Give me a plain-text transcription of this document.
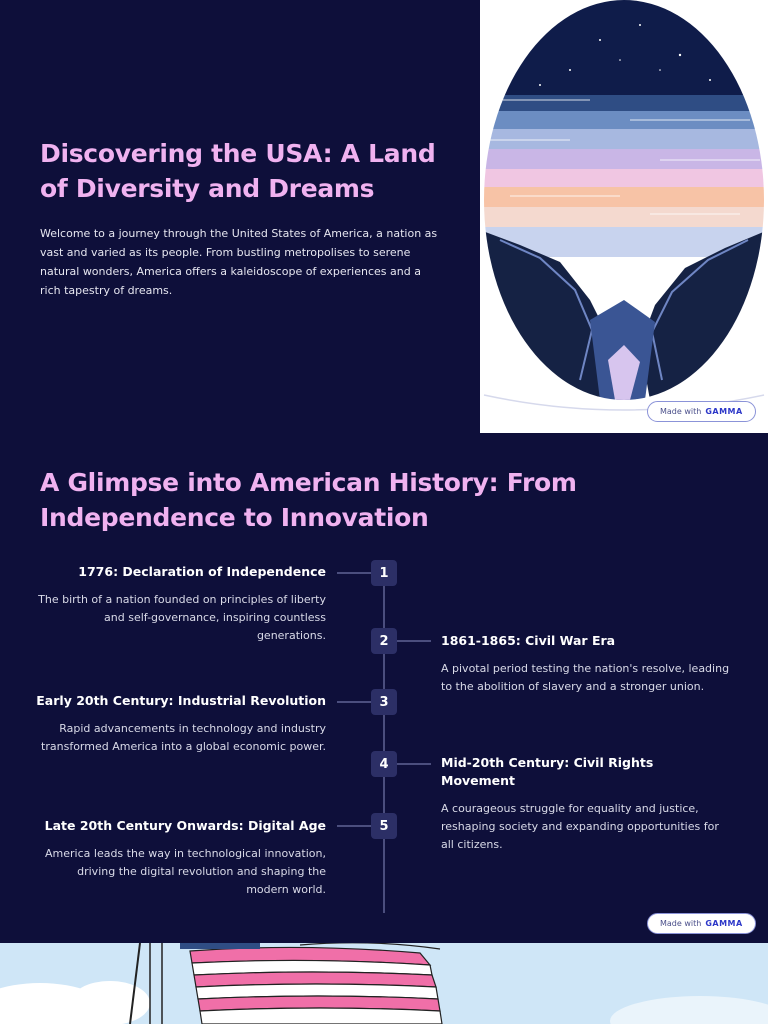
Discovering the USA: A Land of Diversity and Dreams

Welcome to a journey through the United States of America, a nation as vast and varied as its people. From bustling metropolises to serene natural wonders, America offers a kaleidoscope of experiences and a rich tapestry of dreams.

Made with GAMMA
A Glimpse into American History: From Independence to Innovation
1
1776: Declaration of Independence
The birth of a nation founded on principles of liberty and self-governance, inspiring countless generations.	2	1861-1865: Civil War Era
A pivotal period testing the nation's resolve, leading to the abolition of slavery and a stronger union.
3
Early 20th Century: Industrial Revolution
Rapid advancements in technology and industry transformed America into a global economic power.
4	Mid-20th Century: Civil Rights Movement
A courageous struggle for equality and justice, reshaping society and expanding opportunities for all citizens.
5
Late 20th Century Onwards: Digital Age
America leads the way in technological innovation, driving the digital revolution and shaping the modern world.
Made with GAMMA
